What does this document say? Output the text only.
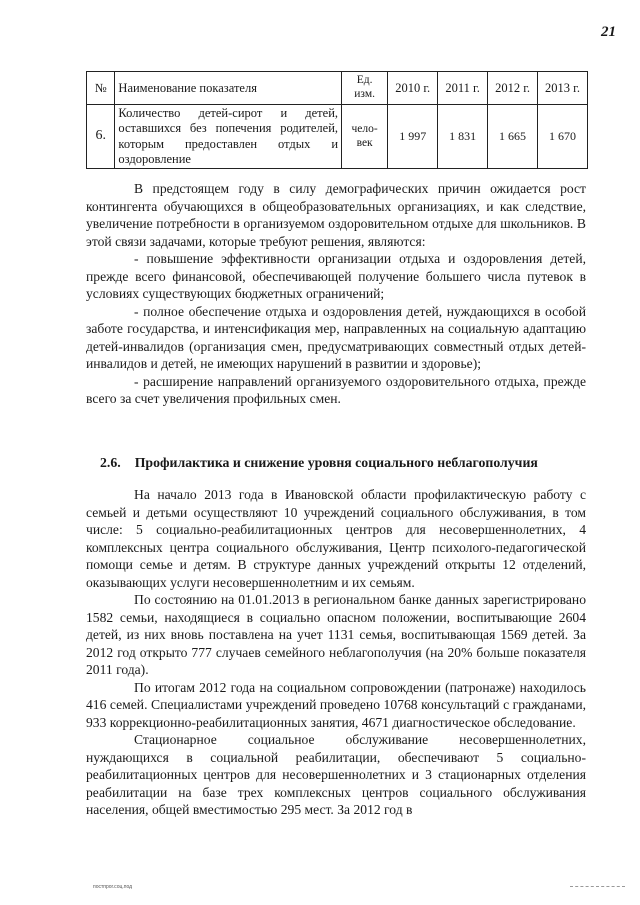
21
№	Наименование показателя	Ед. изм.	2010 г.	2011 г.	2012 г.	2013 г.
6.	Количество детей-сирот и детей, оставшихся без попечения родителей, которым предоставлен отдых и оздоровление	чело-век	1 997	1 831	1 665	1 670

В предстоящем году в силу демографических причин ожидается рост контингента обучающихся в общеобразовательных организациях, и как следствие, увеличение потребности в организуемом оздоровительном отдыхе для школьников. В этой связи задачами, которые требуют решения, являются:

- повышение эффективности организации отдыха и оздоровления детей, прежде всего финансовой, обеспечивающей получение большего числа путевок в условиях существующих бюджетных ограничений;

- полное обеспечение отдыха и оздоровления детей, нуждающихся в особой заботе государства, и интенсификация мер, направленных на социальную адаптацию детей-инвалидов (организация смен, предусматривающих совместный отдых детей-инвалидов и детей, не имеющих нарушений в развитии и здоровье);

- расширение направлений организуемого оздоровительного отдыха, прежде всего за счет увеличения профильных смен.

2.6. Профилактика и снижение уровня социального неблагополучия

На начало 2013 года в Ивановской области профилактическую работу с семьей и детьми осуществляют 10 учреждений социального обслуживания, в том числе: 5 социально-реабилитационных центров для несовершеннолетних, 4 комплексных центра социального обслуживания, Центр психолого-педагогической помощи семье и детям. В структуре данных учреждений открыты 12 отделений, оказывающих услуги несовершеннолетним и их семьям.

По состоянию на 01.01.2013 в региональном банке данных зарегистрировано 1582 семьи, находящиеся в социально опасном положении, воспитывающие 2604 детей, из них вновь поставлена на учет 1131 семья, воспитывающая 1569 детей. За 2012 год открыто 777 случаев семейного неблагополучия (на 20% больше показателя 2011 года).

По итогам 2012 года на социальном сопровождении (патронаже) находилось 416 семей. Специалистами учреждений проведено 10768 консультаций с гражданами, 933 коррекционно-реабилитационных занятия, 4671 диагностическое обследование.

Стационарное социальное обслуживание несовершеннолетних, нуждающихся в социальной реабилитации, обеспечивают 5 социально-реабилитационных центров для несовершеннолетних и 3 стационарных отделения реабилитации на базе трех комплексных центров социального обслуживания населения, общей вместимостью 295 мест. За 2012 год в

постпрог.соц.под
